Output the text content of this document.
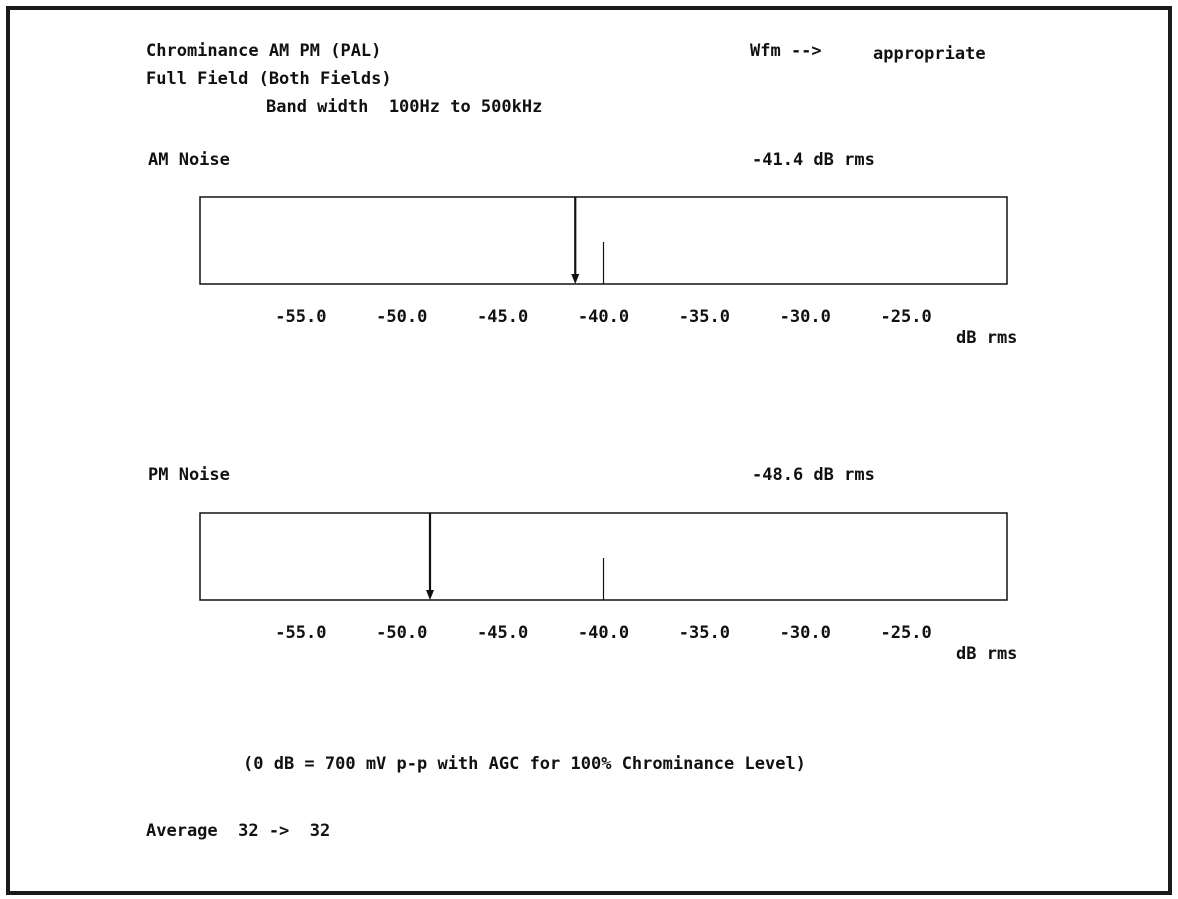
Chrominance AM PM (PAL)
Full Field (Both Fields)
Band width  100Hz to 500kHz
Wfm -->	appropriate
AM Noise	-41.4 dB rms
-55.0	-50.0	-45.0	-40.0	-35.0	-30.0	-25.0
dB rms
PM Noise	-48.6 dB rms
-55.0	-50.0	-45.0	-40.0	-35.0	-30.0	-25.0
dB rms
(0 dB = 700 mV p-p with AGC for 100% Chrominance Level)
Average  32 ->  32
